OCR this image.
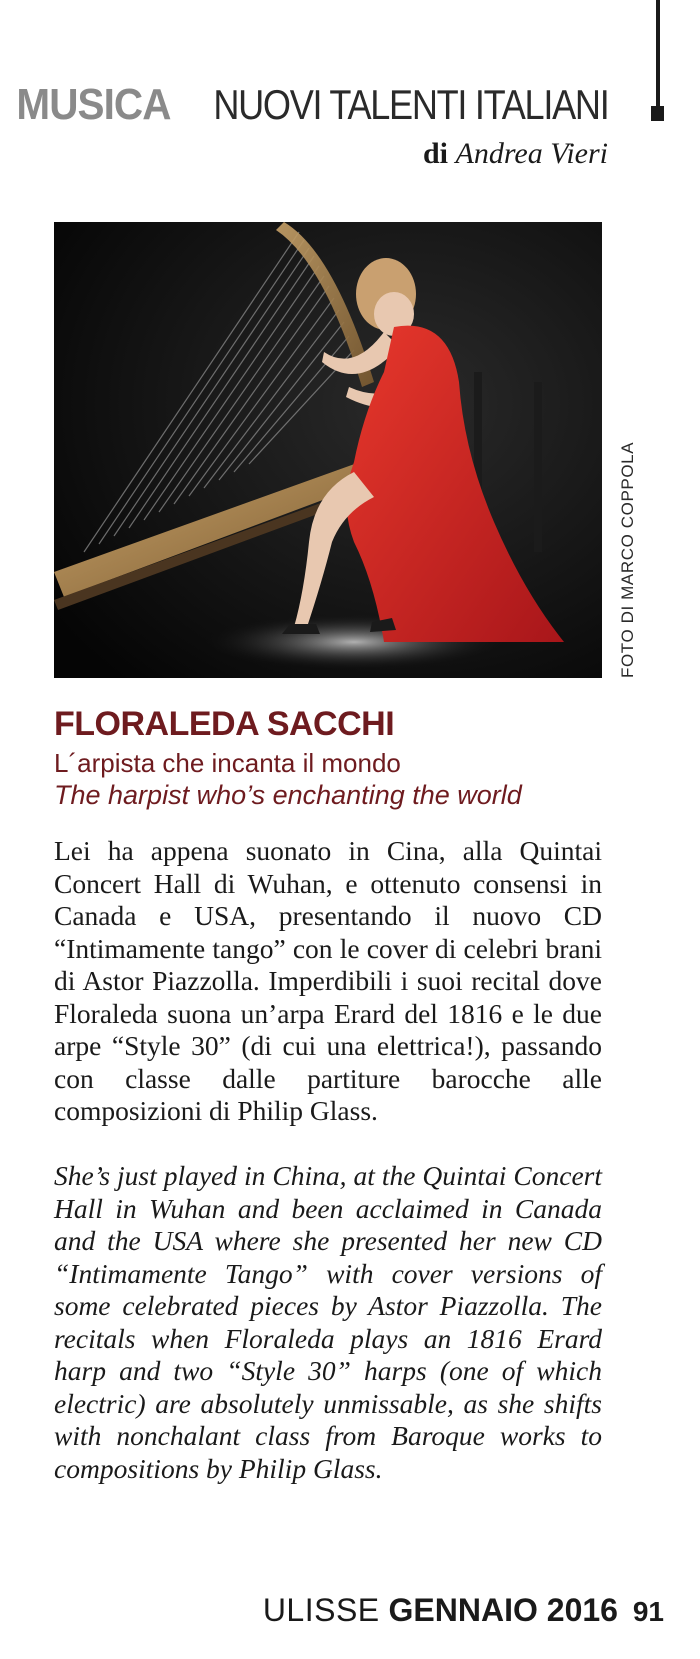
MUSICA NUOVI TALENTI ITALIANI
di Andrea Vieri
FOTO DI MARCO COPPOLA
FLORALEDA SACCHI
L´arpista che incanta il mondo
The harpist who’s enchanting the world
Lei ha appena suonato in Cina, alla Quintai Concert Hall di Wuhan, e ottenuto consensi in Canada e USA, presentando il nuovo CD “Intimamente tango” con le cover di celebri brani di Astor Piazzolla. Imperdibili i suoi recital dove Floraleda suona un’arpa Erard del 1816 e le due arpe “Style 30” (di cui una elettrica!), passando con classe dalle partiture barocche alle composizioni di Philip Glass.
She’s just played in China, at the Quintai Concert Hall in Wuhan and been acclaimed in Canada and the USA where she presented her new CD “Intimamente Tango” with cover versions of some celebrated pieces by Astor Piazzolla. The recitals when Floraleda plays an 1816 Erard harp and two “Style 30” harps (one of which electric) are absolutely unmissable, as she shifts with nonchalant class from Baroque works to compositions by Philip Glass.
ULISSE GENNAIO 2016 91
